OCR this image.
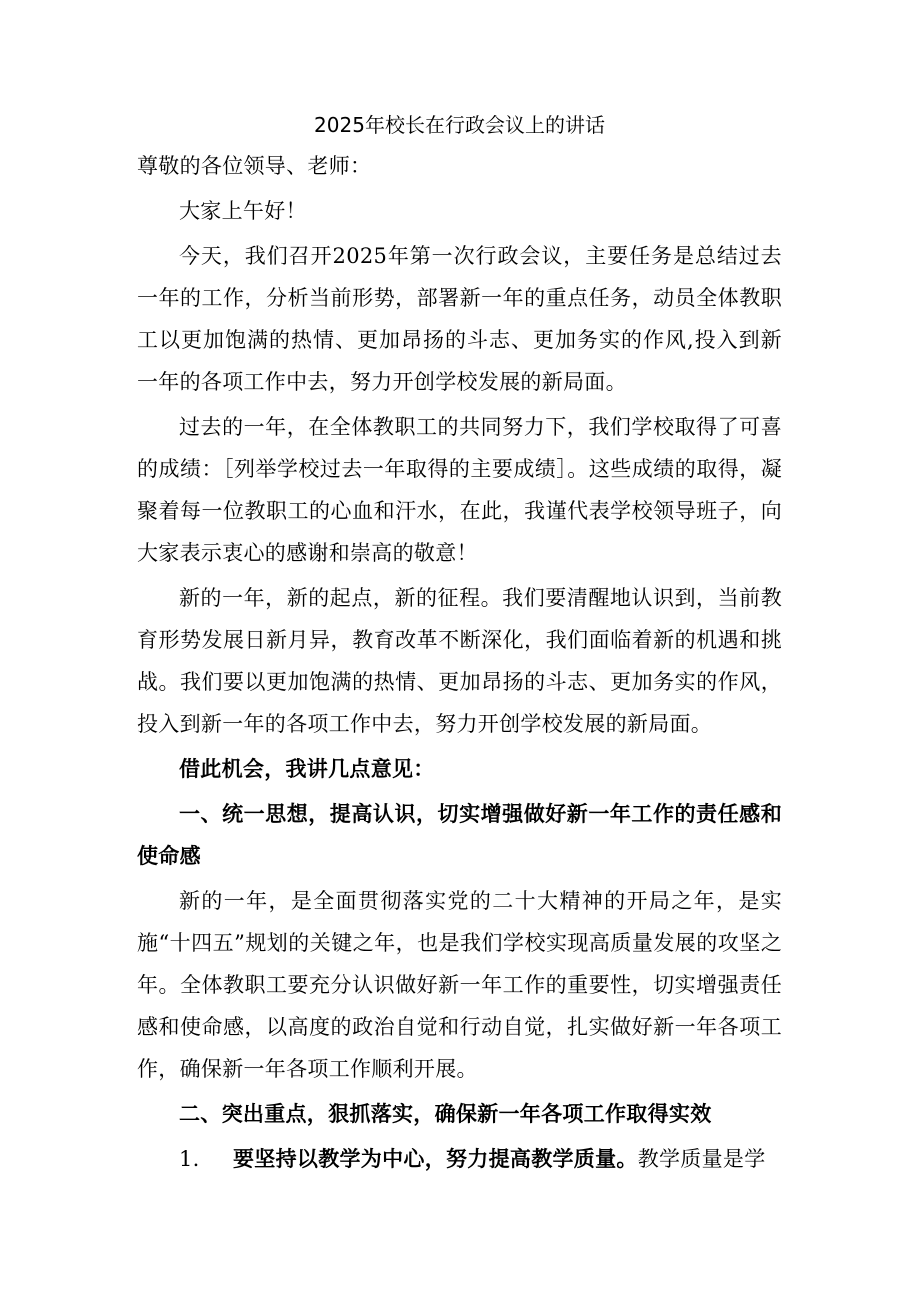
2025年校长在行政会议上的讲话

尊敬的各位领导、老师：

大家上午好！

今天，我们召开2025年第一次行政会议，主要任务是总结过去一年的工作，分析当前形势，部署新一年的重点任务，动员全体教职工以更加饱满的热情、更加昂扬的斗志、更加务实的作风,投入到新一年的各项工作中去，努力开创学校发展的新局面。

过去的一年，在全体教职工的共同努力下，我们学校取得了可喜的成绩：［列举学校过去一年取得的主要成绩］。这些成绩的取得，凝聚着每一位教职工的心血和汗水，在此，我谨代表学校领导班子，向大家表示衷心的感谢和崇高的敬意！

新的一年，新的起点，新的征程。我们要清醒地认识到，当前教育形势发展日新月异，教育改革不断深化，我们面临着新的机遇和挑战。我们要以更加饱满的热情、更加昂扬的斗志、更加务实的作风，投入到新一年的各项工作中去，努力开创学校发展的新局面。

借此机会，我讲几点意见：

一、统一思想，提高认识，切实增强做好新一年工作的责任感和使命感

新的一年，是全面贯彻落实党的二十大精神的开局之年，是实施“十四五”规划的关键之年，也是我们学校实现高质量发展的攻坚之年。全体教职工要充分认识做好新一年工作的重要性，切实增强责任感和使命感，以高度的政治自觉和行动自觉，扎实做好新一年各项工作，确保新一年各项工作顺利开展。

二、突出重点，狠抓落实，确保新一年各项工作取得实效

1. 要坚持以教学为中心，努力提高教学质量。教学质量是学
